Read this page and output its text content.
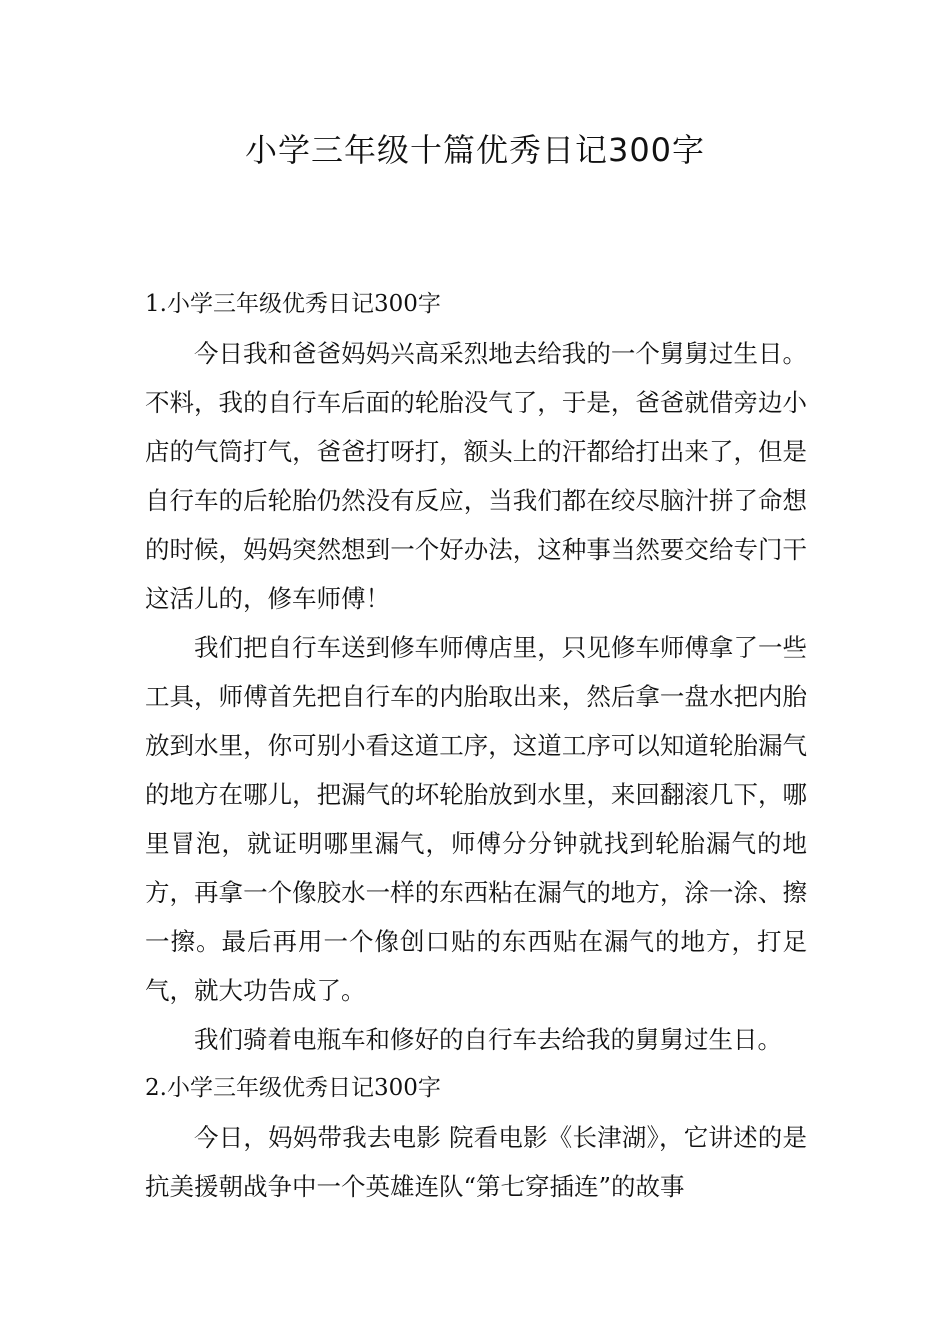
小学三年级十篇优秀日记300字
1.小学三年级优秀日记300字

今日我和爸爸妈妈兴高采烈地去给我的一个舅舅过生日。不料，我的自行车后面的轮胎没气了，于是，爸爸就借旁边小店的气筒打气，爸爸打呀打，额头上的汗都给打出来了，但是自行车的后轮胎仍然没有反应，当我们都在绞尽脑汁拼了命想的时候，妈妈突然想到一个好办法，这种事当然要交给专门干这活儿的，修车师傅！

我们把自行车送到修车师傅店里，只见修车师傅拿了一些工具，师傅首先把自行车的内胎取出来，然后拿一盘水把内胎放到水里，你可别小看这道工序，这道工序可以知道轮胎漏气的地方在哪儿，把漏气的坏轮胎放到水里，来回翻滚几下，哪里冒泡，就证明哪里漏气，师傅分分钟就找到轮胎漏气的地方，再拿一个像胶水一样的东西粘在漏气的地方，涂一涂、擦一擦。最后再用一个像创口贴的东西贴在漏气的地方，打足气，就大功告成了。

我们骑着电瓶车和修好的自行车去给我的舅舅过生日。

2.小学三年级优秀日记300字

今日，妈妈带我去电影 院看电影《长津湖》，它讲述的是抗美援朝战争中一个英雄连队“第七穿插连”的故事
